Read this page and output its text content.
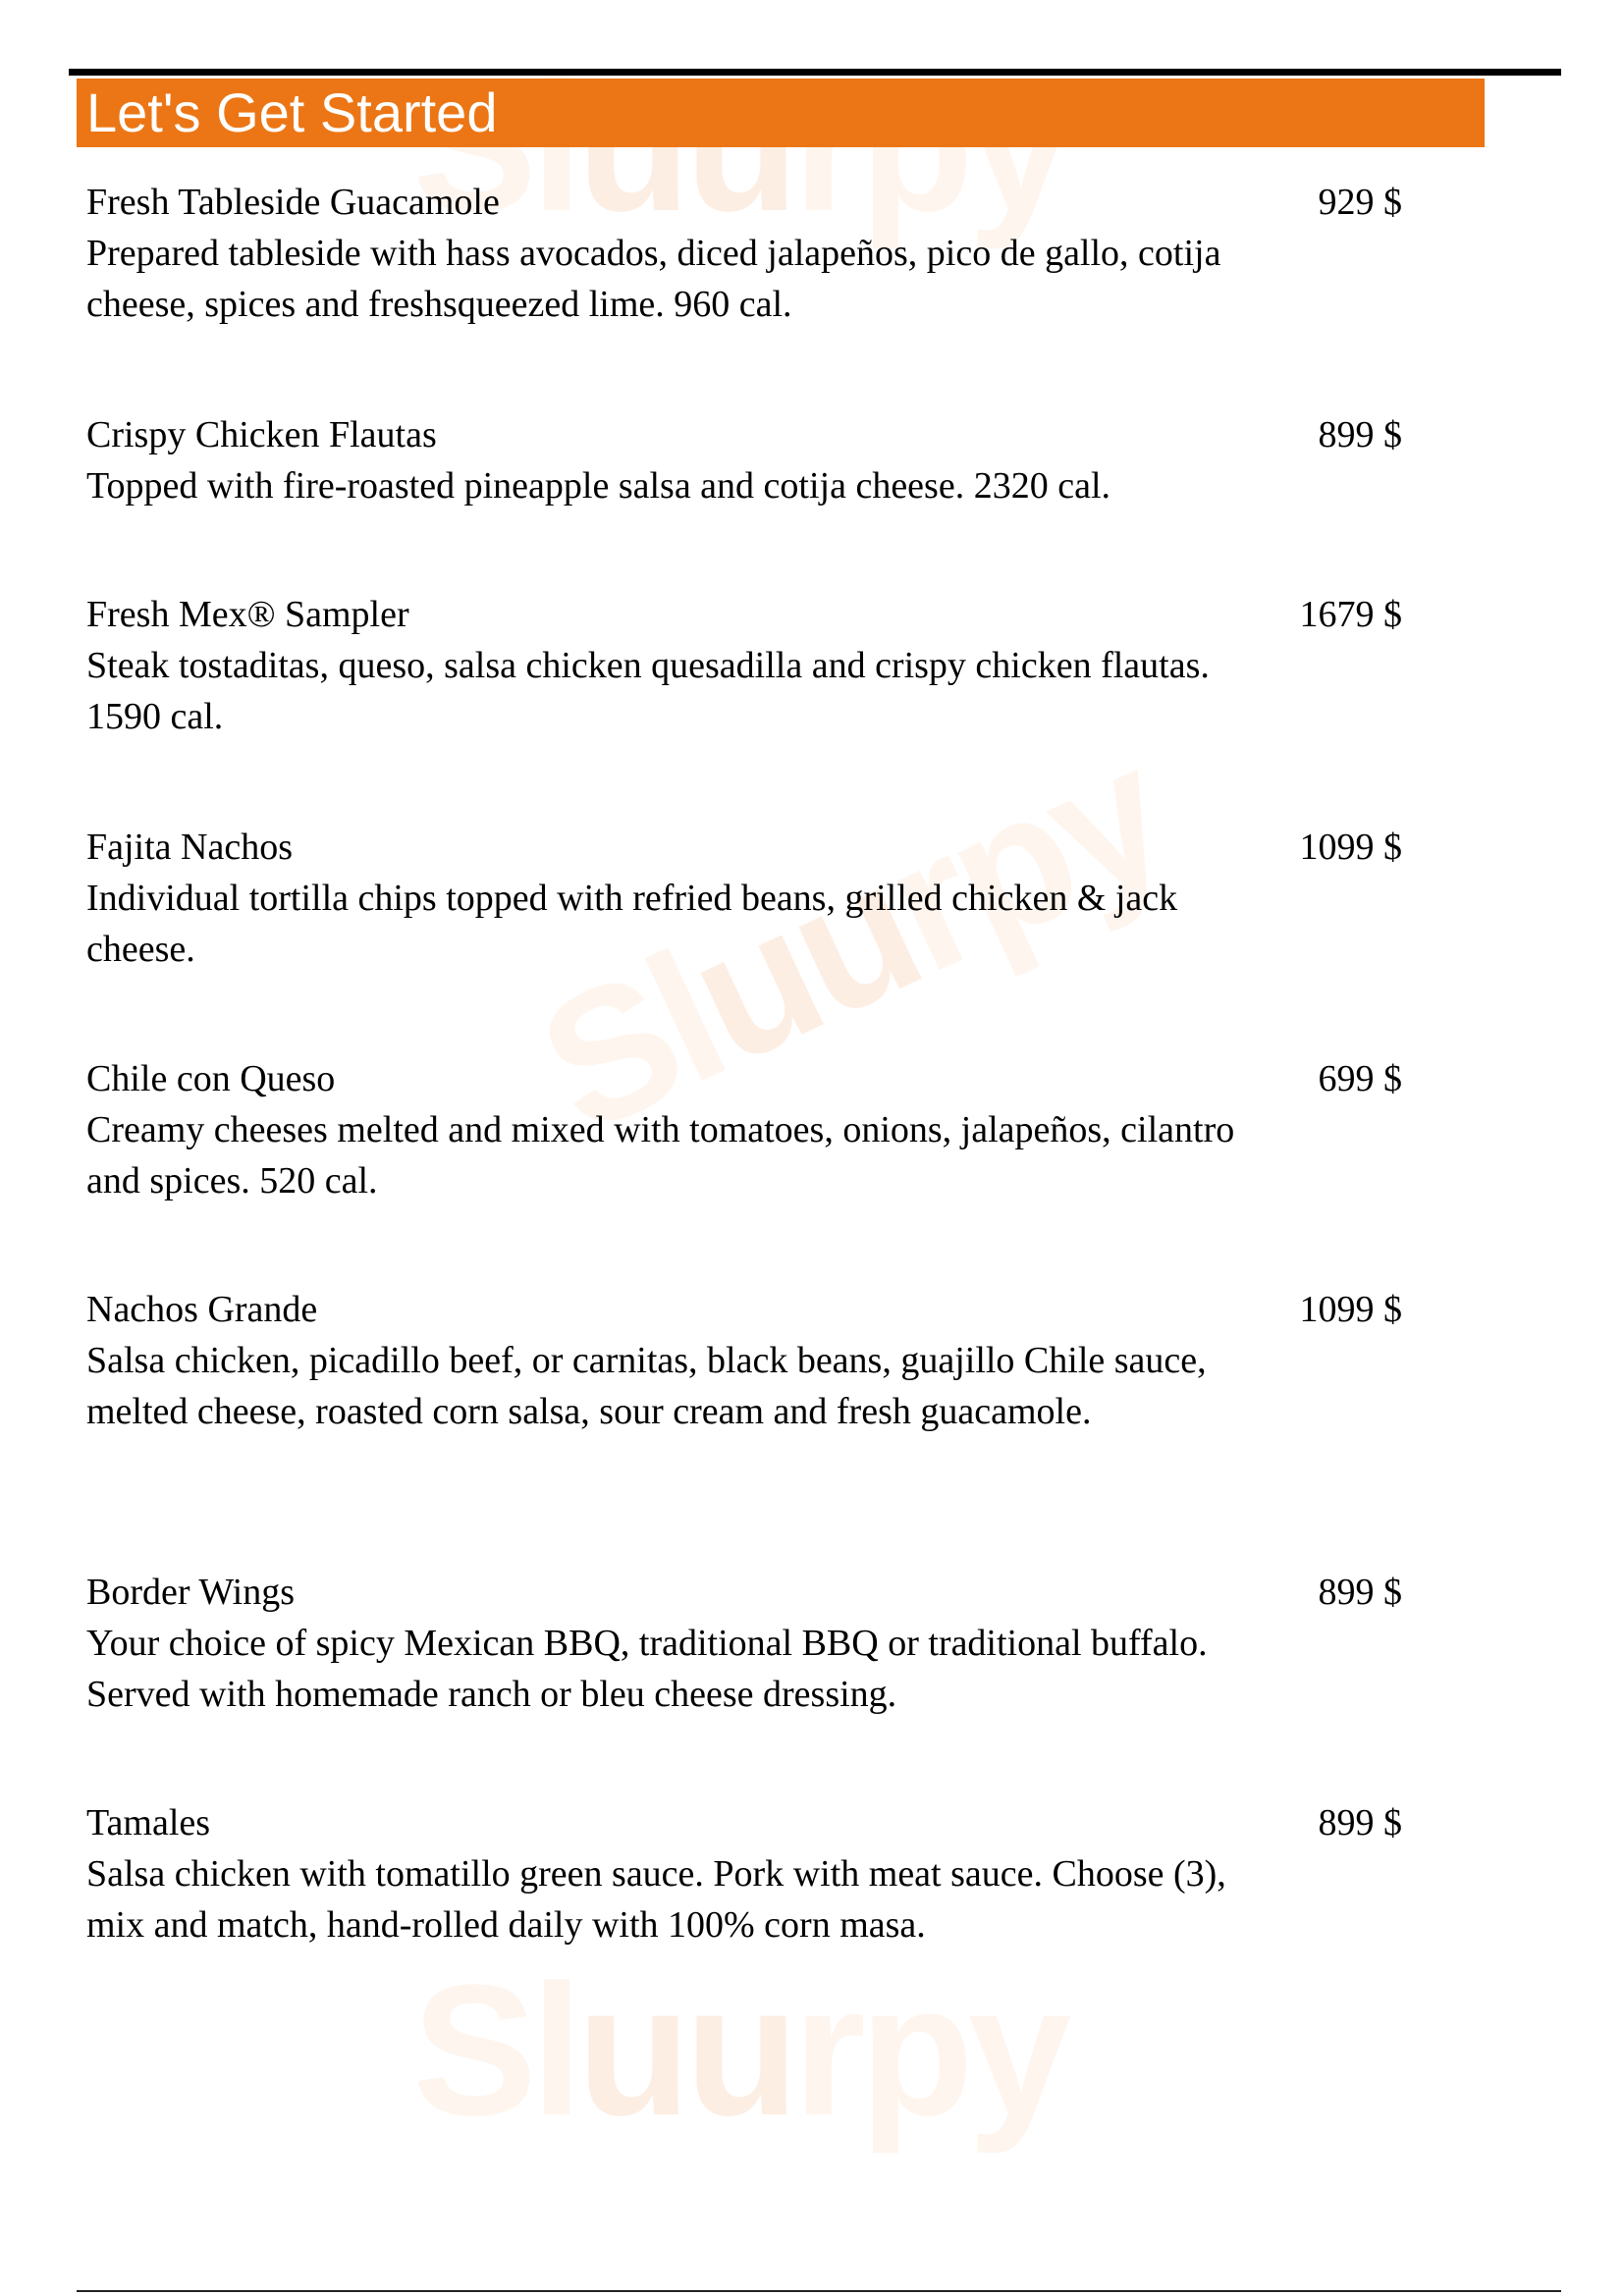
Sluurpy
Sluurpy
Let's Get Started
Fresh Tableside Guacamole	929 $
Prepared tableside with hass avocados, diced jalapeños, pico de gallo, cotija cheese, spices and freshsqueezed lime. 960 cal.
Crispy Chicken Flautas	899 $
Topped with fire-roasted pineapple salsa and cotija cheese. 2320 cal.
Fresh Mex® Sampler	1679 $
Steak tostaditas, queso, salsa chicken quesadilla and crispy chicken flautas. 1590 cal.
Fajita Nachos	1099 $
Individual tortilla chips topped with refried beans, grilled chicken & jack cheese.
Chile con Queso	699 $
Creamy cheeses melted and mixed with tomatoes, onions, jalapeños, cilantro and spices. 520 cal.
Nachos Grande	1099 $
Salsa chicken, picadillo beef, or carnitas, black beans, guajillo Chile sauce, melted cheese, roasted corn salsa, sour cream and fresh guacamole.
Border Wings	899 $
Your choice of spicy Mexican BBQ, traditional BBQ or traditional buffalo. Served with homemade ranch or bleu cheese dressing.
Tamales	899 $
Salsa chicken with tomatillo green sauce. Pork with meat sauce. Choose (3), mix and match, hand-rolled daily with 100% corn masa.
